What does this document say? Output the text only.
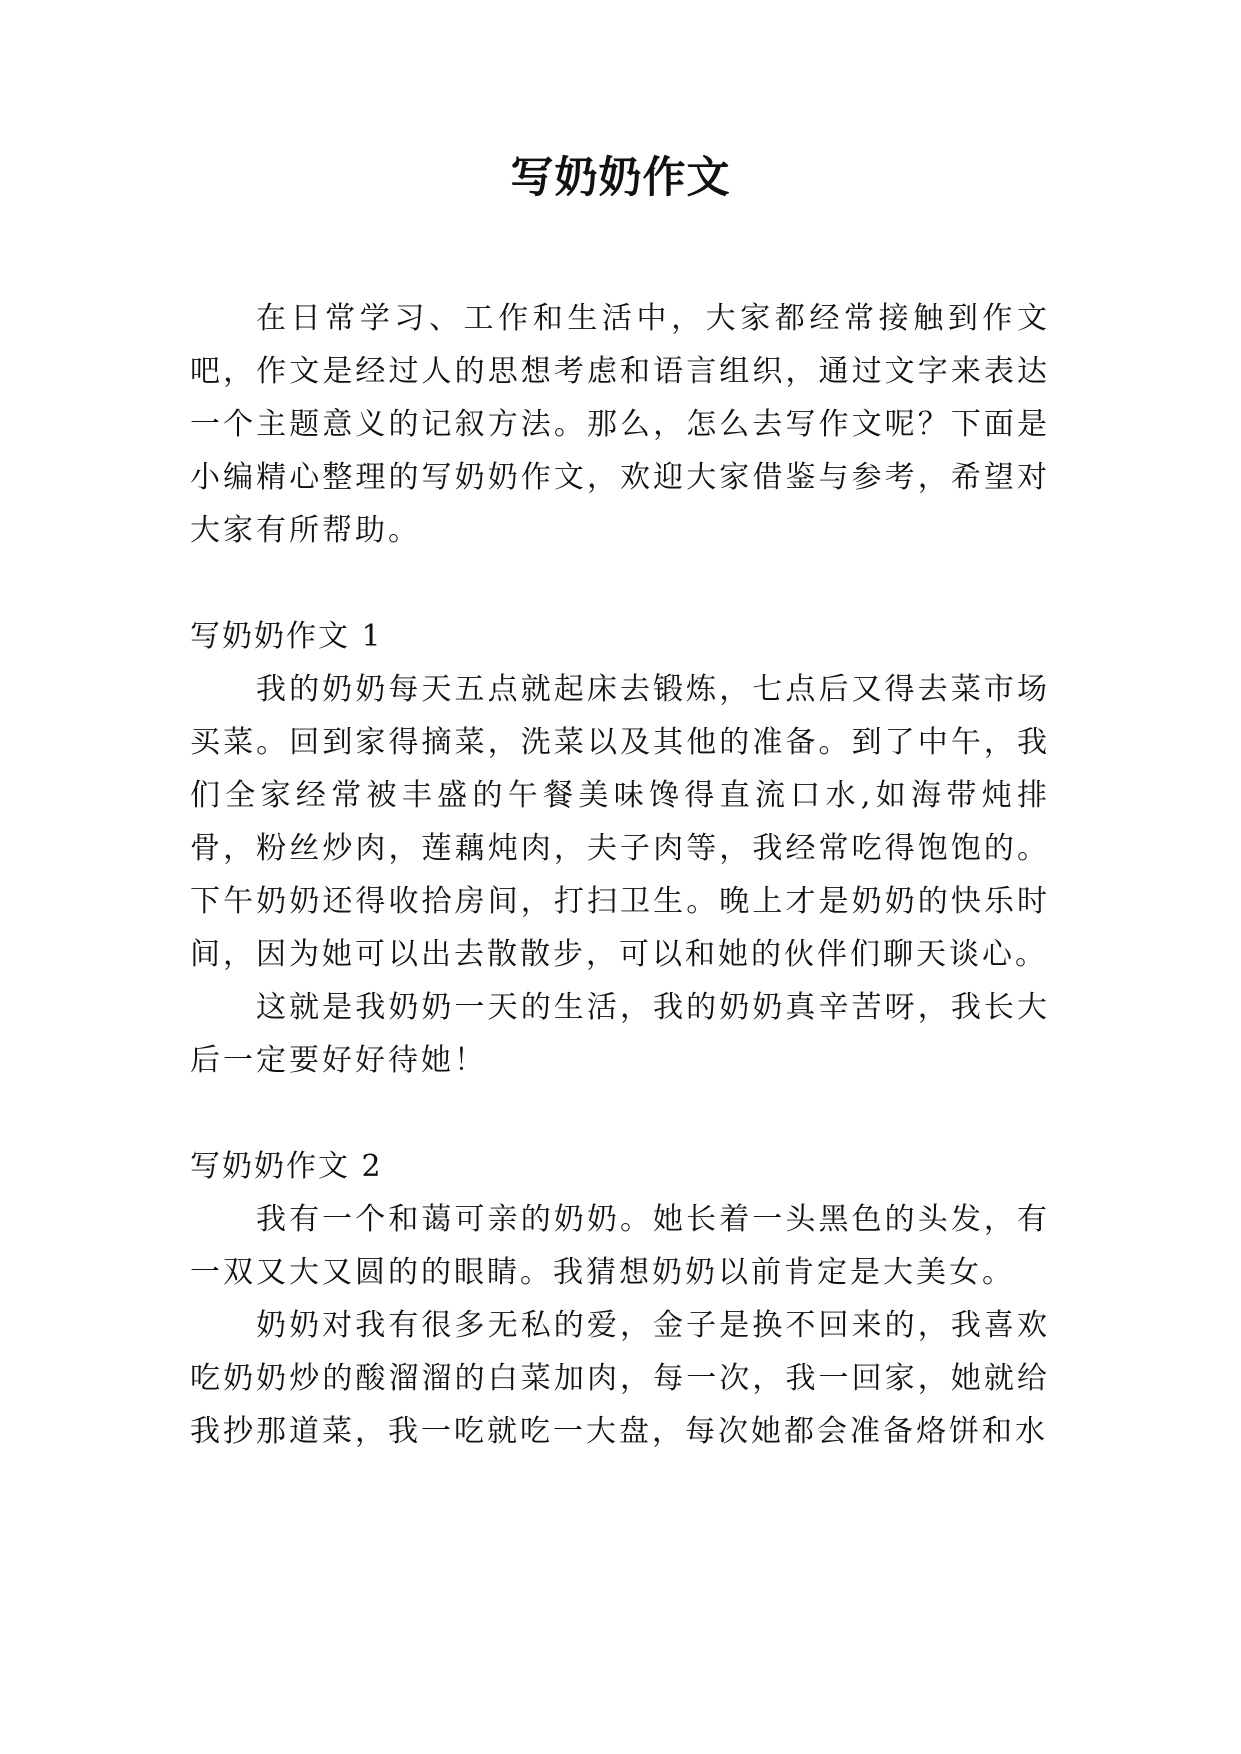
写奶奶作文

在日常学习、工作和生活中，大家都经常接触到作文吧，作文是经过人的思想考虑和语言组织，通过文字来表达一个主题意义的记叙方法。那么，怎么去写作文呢？下面是小编精心整理的写奶奶作文，欢迎大家借鉴与参考，希望对大家有所帮助。

写奶奶作文 1

我的奶奶每天五点就起床去锻炼，七点后又得去菜市场买菜。回到家得摘菜，洗菜以及其他的准备。到了中午，我们全家经常被丰盛的午餐美味馋得直流口水,如海带炖排骨，粉丝炒肉，莲藕炖肉，夫子肉等，我经常吃得饱饱的。下午奶奶还得收拾房间，打扫卫生。晚上才是奶奶的快乐时间，因为她可以出去散散步，可以和她的伙伴们聊天谈心。

这就是我奶奶一天的生活，我的奶奶真辛苦呀，我长大后一定要好好待她！

写奶奶作文 2

我有一个和蔼可亲的奶奶。她长着一头黑色的头发，有一双又大又圆的的眼睛。我猜想奶奶以前肯定是大美女。

奶奶对我有很多无私的爱，金子是换不回来的，我喜欢吃奶奶炒的酸溜溜的白菜加肉，每一次，我一回家，她就给我抄那道菜，我一吃就吃一大盘，每次她都会准备烙饼和水
